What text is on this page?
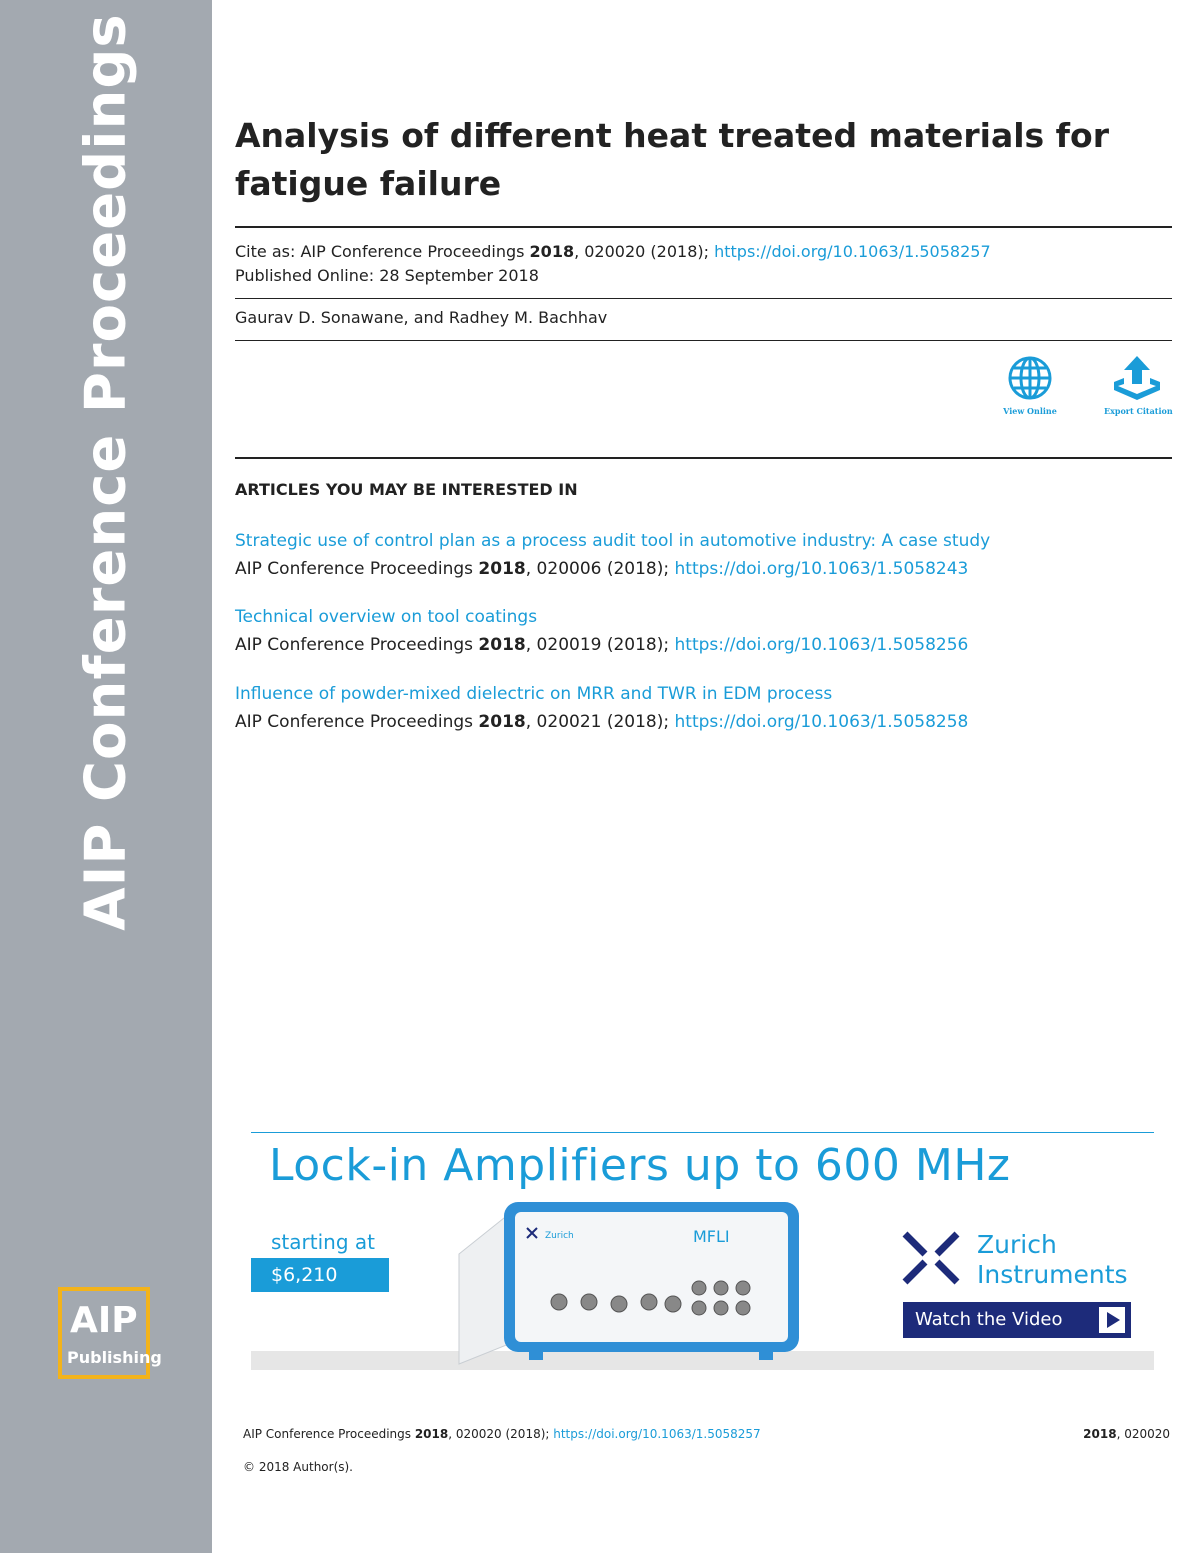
AIP Conference Proceedings
AIP
Publishing
Analysis of different heat treated materials for fatigue failure
Cite as: AIP Conference Proceedings 2018, 020020 (2018); https://doi.org/10.1063/1.5058257
Published Online: 28 September 2018
Gaurav D. Sonawane, and Radhey M. Bachhav
View Online	Export Citation
ARTICLES YOU MAY BE INTERESTED IN
Strategic use of control plan as a process audit tool in automotive industry: A case study
AIP Conference Proceedings 2018, 020006 (2018); https://doi.org/10.1063/1.5058243
Technical overview on tool coatings
AIP Conference Proceedings 2018, 020019 (2018); https://doi.org/10.1063/1.5058256
Influence of powder-mixed dielectric on MRR and TWR in EDM process
AIP Conference Proceedings 2018, 020021 (2018); https://doi.org/10.1063/1.5058258
Lock-in Amplifiers up to 600 MHz
starting at
$6,210
Zurich	MFLI	Zurich
Instruments
Watch the Video
AIP Conference Proceedings 2018, 020020 (2018); https://doi.org/10.1063/1.5058257	2018, 020020
© 2018 Author(s).
